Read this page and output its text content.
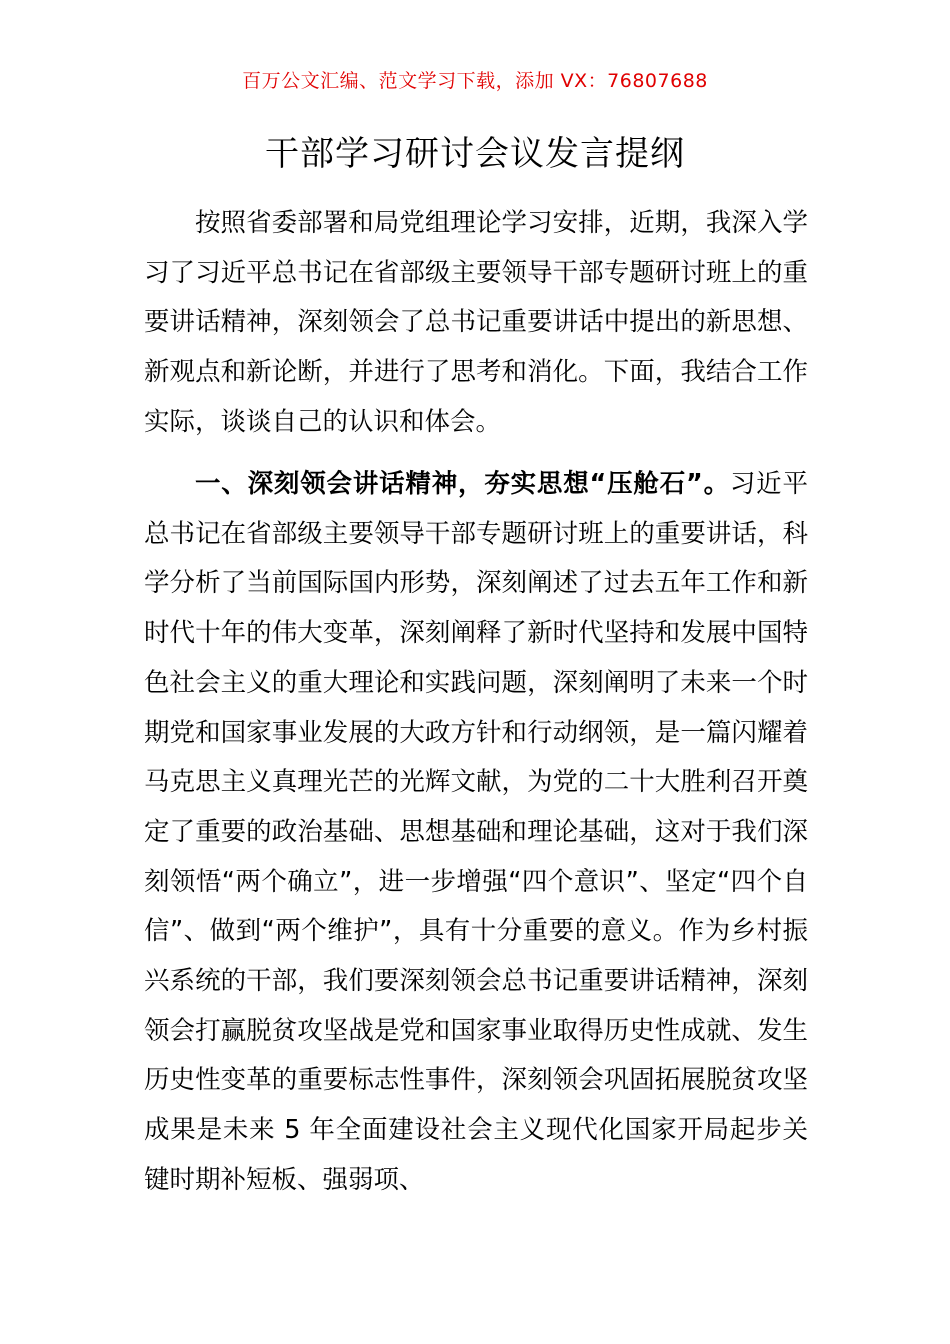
百万公文汇编、范文学习下载，添加 VX：76807688
干部学习研讨会议发言提纲

按照省委部署和局党组理论学习安排，近期，我深入学习了习近平总书记在省部级主要领导干部专题研讨班上的重要讲话精神，深刻领会了总书记重要讲话中提出的新思想、新观点和新论断，并进行了思考和消化。下面，我结合工作实际，谈谈自己的认识和体会。

一、深刻领会讲话精神，夯实思想“压舱石”。习近平总书记在省部级主要领导干部专题研讨班上的重要讲话，科学分析了当前国际国内形势，深刻阐述了过去五年工作和新时代十年的伟大变革，深刻阐释了新时代坚持和发展中国特色社会主义的重大理论和实践问题，深刻阐明了未来一个时期党和国家事业发展的大政方针和行动纲领，是一篇闪耀着马克思主义真理光芒的光辉文献，为党的二十大胜利召开奠定了重要的政治基础、思想基础和理论基础，这对于我们深刻领悟“两个确立”，进一步增强“四个意识”、坚定“四个自信”、做到“两个维护”，具有十分重要的意义。作为乡村振兴系统的干部，我们要深刻领会总书记重要讲话精神，深刻领会打赢脱贫攻坚战是党和国家事业取得历史性成就、发生历史性变革的重要标志性事件，深刻领会巩固拓展脱贫攻坚成果是未来 5 年全面建设社会主义现代化国家开局起步关键时期补短板、强弱项、
